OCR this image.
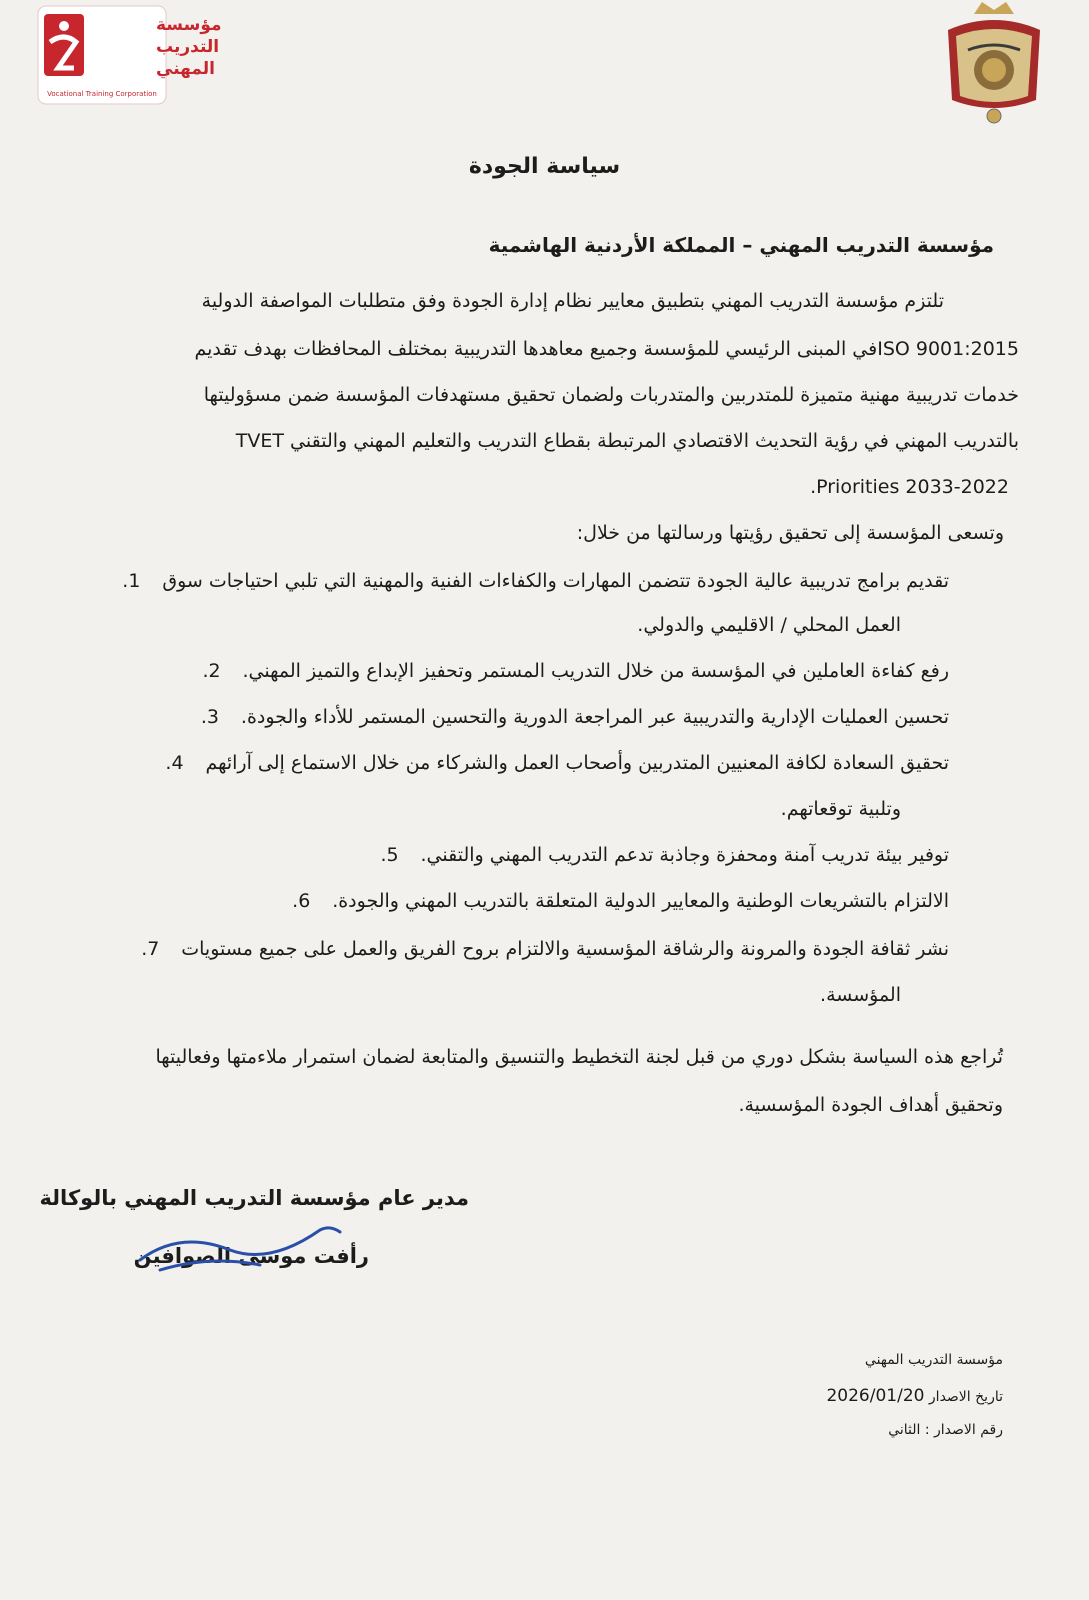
مؤسسة
التدريب
المهني
Vocational Training Corporation
سياسة الجودة
مؤسسة التدريب المهني – المملكة الأردنية الهاشمية
تلتزم مؤسسة التدريب المهني بتطبيق معايير نظام إدارة الجودة وفق متطلبات المواصفة الدولية
ISO 9001:2015في المبنى الرئيسي للمؤسسة وجميع معاهدها التدريبية بمختلف المحافظات بهدف تقديم
خدمات تدريبية مهنية متميزة للمتدربين والمتدربات ولضمان تحقيق مستهدفات المؤسسة ضمن مسؤوليتها
بالتدريب المهني في رؤية التحديث الاقتصادي المرتبطة بقطاع التدريب والتعليم المهني والتقني TVET
2033-2022 Priorities.
وتسعى المؤسسة إلى تحقيق رؤيتها ورسالتها من خلال:
تقديم برامج تدريبية عالية الجودة تتضمن المهارات والكفاءات الفنية والمهنية التي تلبي احتياجات سوق 1.
العمل المحلي / الاقليمي والدولي.
رفع كفاءة العاملين في المؤسسة من خلال التدريب المستمر وتحفيز الإبداع والتميز المهني. 2.
تحسين العمليات الإدارية والتدريبية عبر المراجعة الدورية والتحسين المستمر للأداء والجودة. 3.
تحقيق السعادة لكافة المعنيين المتدربين وأصحاب العمل والشركاء من خلال الاستماع إلى آرائهم 4.
وتلبية توقعاتهم.
توفير بيئة تدريب آمنة ومحفزة وجاذبة تدعم التدريب المهني والتقني. 5.
الالتزام بالتشريعات الوطنية والمعايير الدولية المتعلقة بالتدريب المهني والجودة. 6.
نشر ثقافة الجودة والمرونة والرشاقة المؤسسية والالتزام بروح الفريق والعمل على جميع مستويات 7.
المؤسسة.
تُراجع هذه السياسة بشكل دوري من قبل لجنة التخطيط والتنسيق والمتابعة لضمان استمرار ملاءمتها وفعاليتها
وتحقيق أهداف الجودة المؤسسية.
مدير عام مؤسسة التدريب المهني بالوكالة
رأفت موسى الصوافين
مؤسسة التدريب المهني
تاريخ الاصدار 2026/01/20
رقم الاصدار : الثاني
